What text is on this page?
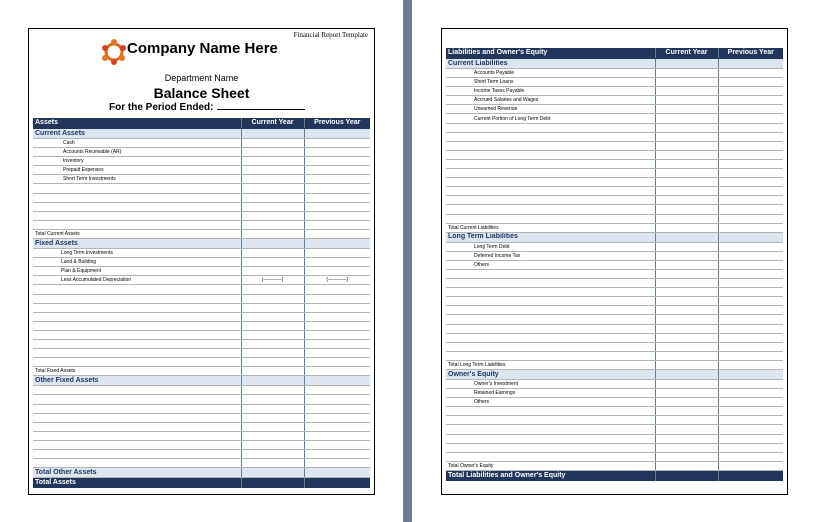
Financial Report Template
Company Name Here
Department Name
Balance Sheet
For the Period Ended:
Assets	Current Year	Previous Year
Current Assets		
Cash		
Accounts Receivable (AR)		
Inventory		
Prepaid Expenses		
Short Term Investments		

Total Current Assets		
Fixed Assets		
Long Term Investments		
Land & Building		
Plan & Equipment		
Less Accumulated Depreciation	(-----------)	(-----------)

Total Fixed Assets		
Other Fixed Assets		

Total Other Assets		
Total Assets		
Liabilities and Owner's Equity	Current Year	Previous Year
Current Liabilities		
Accounts Payable		
Short Term Loans		
Income Taxes Payable		
Accrued Salaries and Wages		
Unearned Revenue		
Current Portion of Long Term Debt		

Total Current Liabilities		
Long Term Liabilities		
Long Term Debt		
Deferred Income Tax		
Others		

Total Long Term Liabilities		
Owner's Equity		
Owner's Investment		
Retained Earnings		
Others		

Total Owner's Equity		
Total Liabilities and Owner's Equity		
